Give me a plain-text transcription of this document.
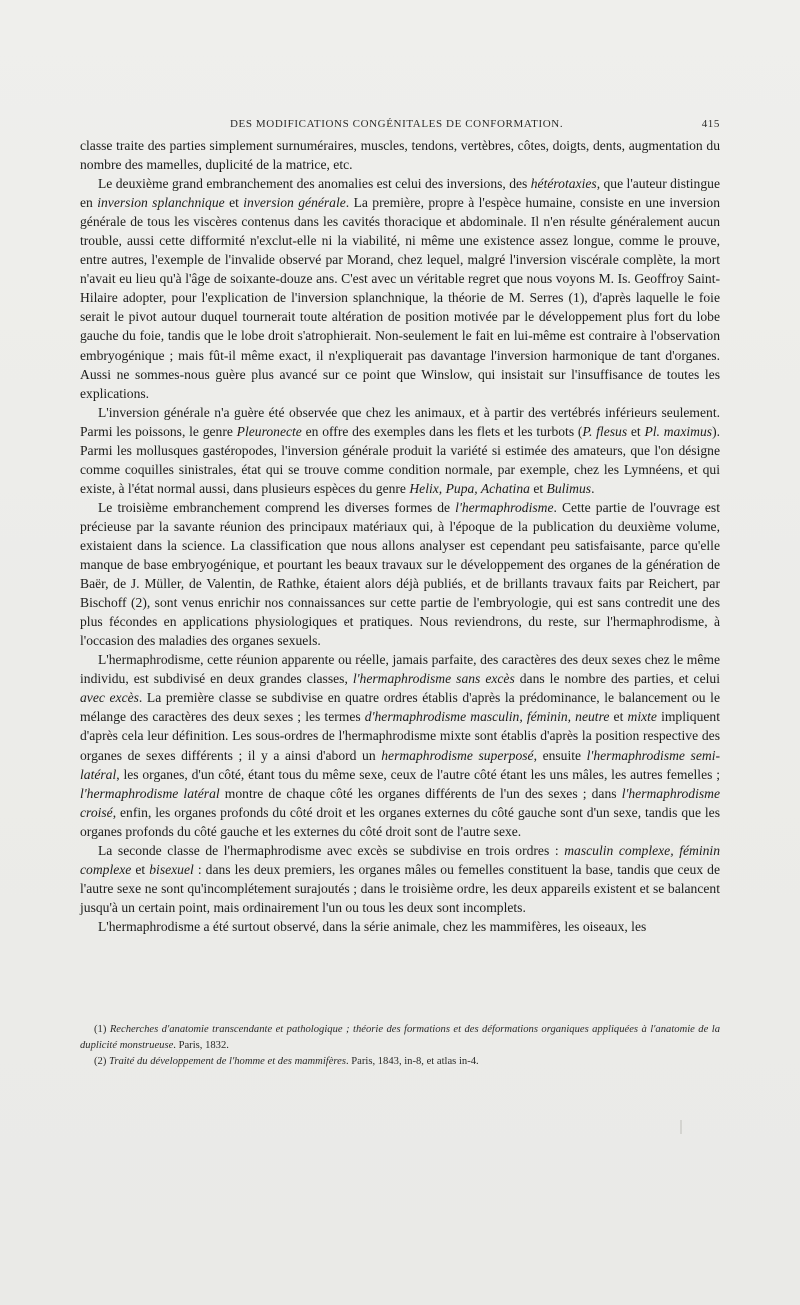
DES MODIFICATIONS CONGÉNITALES DE CONFORMATION.	415

classe traite des parties simplement surnuméraires, muscles, tendons, vertèbres, côtes, doigts, dents, augmentation du nombre des mamelles, duplicité de la matrice, etc.

Le deuxième grand embranchement des anomalies est celui des inversions, des hétérotaxies, que l'auteur distingue en inversion splanchnique et inversion générale. La première, propre à l'espèce humaine, consiste en une inversion générale de tous les viscères contenus dans les cavités thoracique et abdominale. Il n'en résulte généralement aucun trouble, aussi cette difformité n'exclut-elle ni la viabilité, ni même une existence assez longue, comme le prouve, entre autres, l'exemple de l'invalide observé par Morand, chez lequel, malgré l'inversion viscérale complète, la mort n'avait eu lieu qu'à l'âge de soixante-douze ans. C'est avec un véritable regret que nous voyons M. Is. Geoffroy Saint-Hilaire adopter, pour l'explication de l'inversion splanchnique, la théorie de M. Serres (1), d'après laquelle le foie serait le pivot autour duquel tournerait toute altération de position motivée par le développement plus fort du lobe gauche du foie, tandis que le lobe droit s'atrophierait. Non-seulement le fait en lui-même est contraire à l'observation embryogénique ; mais fût-il même exact, il n'expliquerait pas davantage l'inversion harmonique de tant d'organes. Aussi ne sommes-nous guère plus avancé sur ce point que Winslow, qui insistait sur l'insuffisance de toutes les explications.

L'inversion générale n'a guère été observée que chez les animaux, et à partir des vertébrés inférieurs seulement. Parmi les poissons, le genre Pleuronecte en offre des exemples dans les flets et les turbots (P. flesus et Pl. maximus). Parmi les mollusques gastéropodes, l'inversion générale produit la variété si estimée des amateurs, que l'on désigne comme coquilles sinistrales, état qui se trouve comme condition normale, par exemple, chez les Lymnéens, et qui existe, à l'état normal aussi, dans plusieurs espèces du genre Helix, Pupa, Achatina et Bulimus.

Le troisième embranchement comprend les diverses formes de l'hermaphrodisme. Cette partie de l'ouvrage est précieuse par la savante réunion des principaux matériaux qui, à l'époque de la publication du deuxième volume, existaient dans la science. La classification que nous allons analyser est cependant peu satisfaisante, parce qu'elle manque de base embryogénique, et pourtant les beaux travaux sur le développement des organes de la génération de Baër, de J. Müller, de Valentin, de Rathke, étaient alors déjà publiés, et de brillants travaux faits par Reichert, par Bischoff (2), sont venus enrichir nos connaissances sur cette partie de l'embryologie, qui est sans contredit une des plus fécondes en applications physiologiques et pratiques. Nous reviendrons, du reste, sur l'hermaphrodisme, à l'occasion des maladies des organes sexuels.

L'hermaphrodisme, cette réunion apparente ou réelle, jamais parfaite, des caractères des deux sexes chez le même individu, est subdivisé en deux grandes classes, l'hermaphrodisme sans excès dans le nombre des parties, et celui avec excès. La première classe se subdivise en quatre ordres établis d'après la prédominance, le balancement ou le mélange des caractères des deux sexes ; les termes d'hermaphrodisme masculin, féminin, neutre et mixte impliquent d'après cela leur définition. Les sous-ordres de l'hermaphrodisme mixte sont établis d'après la position respective des organes de sexes différents ; il y a ainsi d'abord un hermaphrodisme superposé, ensuite l'hermaphrodisme semi-latéral, les organes, d'un côté, étant tous du même sexe, ceux de l'autre côté étant les uns mâles, les autres femelles ; l'hermaphrodisme latéral montre de chaque côté les organes différents de l'un des sexes ; dans l'hermaphrodisme croisé, enfin, les organes profonds du côté droit et les organes externes du côté gauche sont d'un sexe, tandis que les organes profonds du côté gauche et les externes du côté droit sont de l'autre sexe.

La seconde classe de l'hermaphrodisme avec excès se subdivise en trois ordres : masculin complexe, féminin complexe et bisexuel : dans les deux premiers, les organes mâles ou femelles constituent la base, tandis que ceux de l'autre sexe ne sont qu'incomplétement surajoutés ; dans le troisième ordre, les deux appareils existent et se balancent jusqu'à un certain point, mais ordinairement l'un ou tous les deux sont incomplets.

L'hermaphrodisme a été surtout observé, dans la série animale, chez les mammifères, les oiseaux, les

(1) Recherches d'anatomie transcendante et pathologique ; théorie des formations et des déformations organiques appliquées à l'anatomie de la duplicité monstrueuse. Paris, 1832.

(2) Traité du développement de l'homme et des mammifères. Paris, 1843, in-8, et atlas in-4.
